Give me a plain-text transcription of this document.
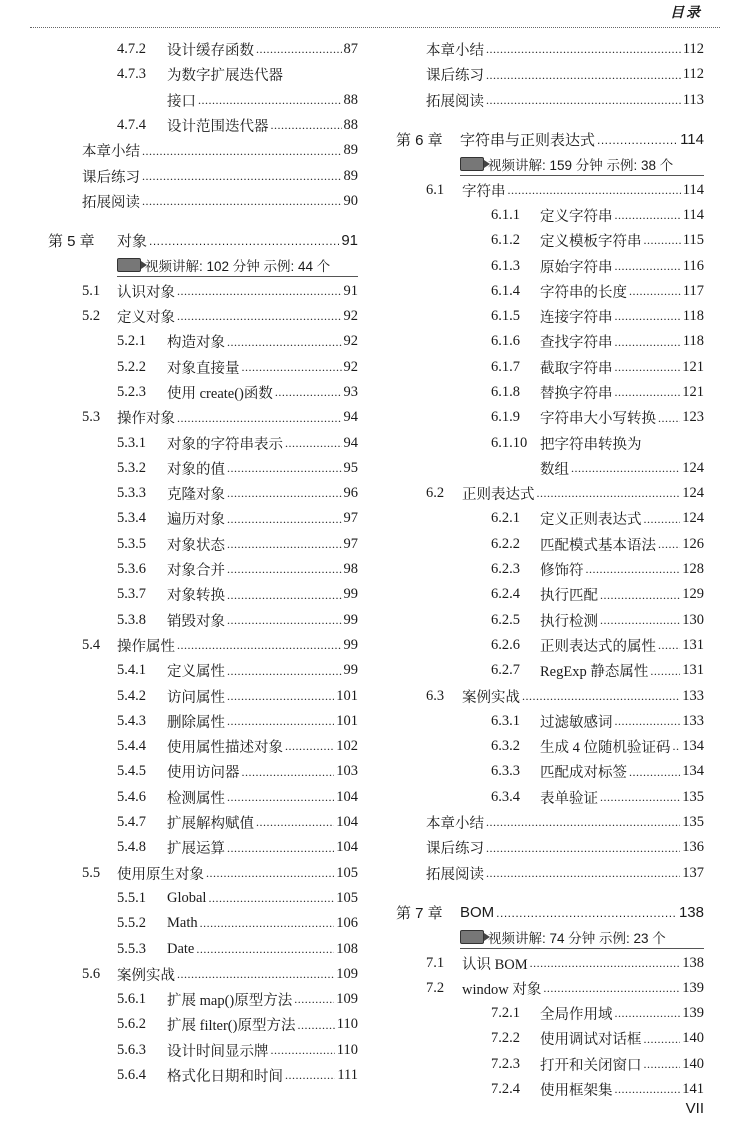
目录
4.7.2 设计缓存函数 .....	87
4.7.3 为数字扩展迭代器
接口 .....	88
4.7.4 设计范围迭代器 .....	88
本章小结 .....	89
课后练习 .....	89
拓展阅读 .....	90
第 5 章 对象 .....	91
视频讲解: 102 分钟 示例: 44 个
5.1 认识对象 .....	91
5.2 定义对象 .....	92
5.2.1 构造对象 .....	92
5.2.2 对象直接量 .....	92
5.2.3 使用 create()函数 .....	93
5.3 操作对象 .....	94
5.3.1 对象的字符串表示 .....	94
5.3.2 对象的值 .....	95
5.3.3 克隆对象 .....	96
5.3.4 遍历对象 .....	97
5.3.5 对象状态 .....	97
5.3.6 对象合并 .....	98
5.3.7 对象转换 .....	99
5.3.8 销毁对象 .....	99
5.4 操作属性 .....	99
5.4.1 定义属性 .....	99
5.4.2 访问属性 .....	101
5.4.3 删除属性 .....	101
5.4.4 使用属性描述对象 .....	102
5.4.5 使用访问器 .....	103
5.4.6 检测属性 .....	104
5.4.7 扩展解构赋值 .....	104
5.4.8 扩展运算 .....	104
5.5 使用原生对象 .....	105
5.5.1 Global .....	105
5.5.2 Math .....	106
5.5.3 Date .....	108
5.6 案例实战 .....	109
5.6.1 扩展 map()原型方法 .....	109
5.6.2 扩展 filter()原型方法 .....	110
5.6.3 设计时间显示牌 .....	110
5.6.4 格式化日期和时间 .....	111
本章小结 .....	112
课后练习 .....	112
拓展阅读 .....	113
第 6 章 字符串与正则表达式 .....	114
视频讲解: 159 分钟 示例: 38 个
6.1 字符串 .....	114
6.1.1 定义字符串 .....	114
6.1.2 定义模板字符串 .....	115
6.1.3 原始字符串 .....	116
6.1.4 字符串的长度 .....	117
6.1.5 连接字符串 .....	118
6.1.6 查找字符串 .....	118
6.1.7 截取字符串 .....	121
6.1.8 替换字符串 .....	121
6.1.9 字符串大小写转换 ..... 123
6.1.10 把字符串转换为
数组 .....	124
6.2 正则表达式 .....	124
6.2.1 定义正则表达式 .....	124
6.2.2 匹配模式基本语法 ..... 126
6.2.3 修饰符 .....	128
6.2.4 执行匹配 .....	129
6.2.5 执行检测 .....	130
6.2.6 正则表达式的属性 ..... 131
6.2.7 RegExp 静态属性 ..... 131
6.3 案例实战 .....	133
6.3.1 过滤敏感词 .....	133
6.3.2 生成 4 位随机验证码 ..... 134
6.3.3 匹配成对标签 .....	134
6.3.4 表单验证 .....	135
本章小结 .....	135
课后练习 .....	136
拓展阅读 .....	137
第 7 章 BOM .....	138
视频讲解: 74 分钟 示例: 23 个
7.1 认识 BOM .....	138
7.2 window 对象 .....	139
7.2.1 全局作用域 .....	139
7.2.2 使用调试对话框 .....	140
7.2.3 打开和关闭窗口 .....	140
7.2.4 使用框架集 .....	141
VII
